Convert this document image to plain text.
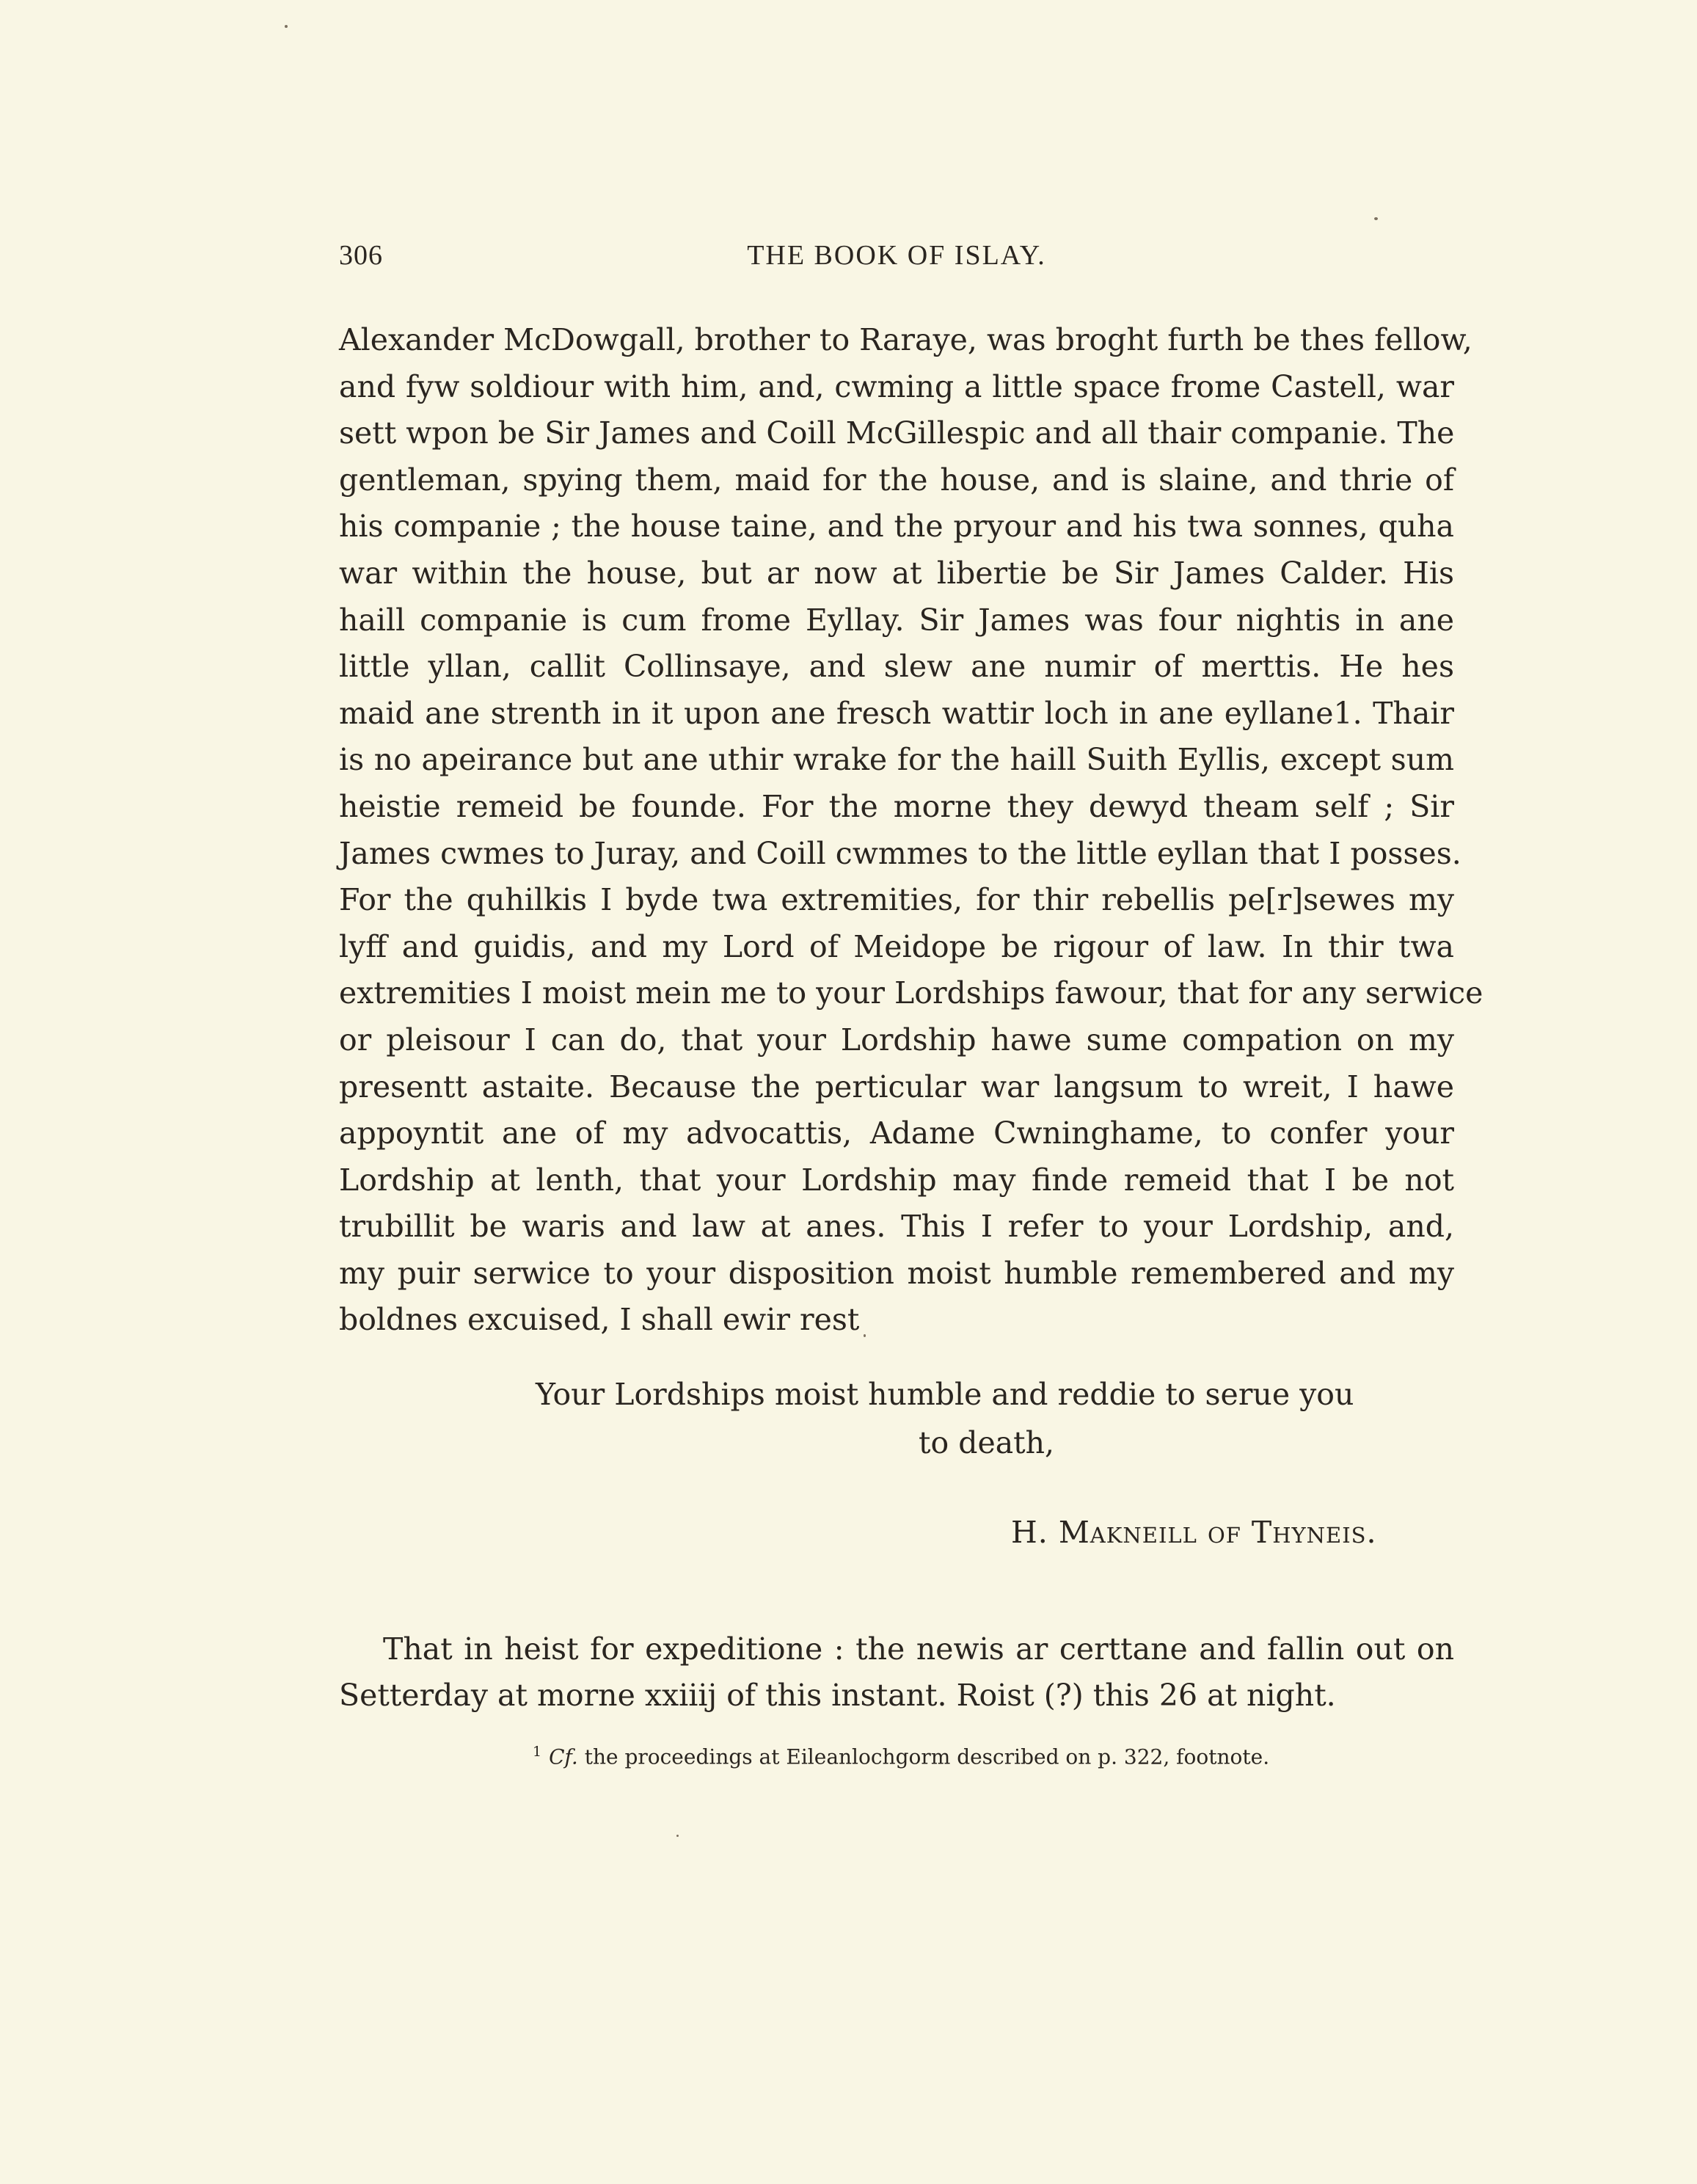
306	THE BOOK OF ISLAY.
Alexander McDowgall, brother to Raraye, was broght furth be thes fellow,
and fyw soldiour with him, and, cwming a little space frome Castell, war
sett wpon be Sir James and Coill McGillespic and all thair companie. The
gentleman, spying them, maid for the house, and is slaine, and thrie of
his companie ; the house taine, and the pryour and his twa sonnes, quha
war within the house, but ar now at libertie be Sir James Calder. His
haill companie is cum frome Eyllay. Sir James was four nightis in ane
little yllan, callit Collinsaye, and slew ane numir of merttis. He hes
maid ane strenth in it upon ane fresch wattir loch in ane eyllane1. Thair
is no apeirance but ane uthir wrake for the haill Suith Eyllis, except sum
heistie remeid be founde. For the morne they dewyd theam self ; Sir
James cwmes to Juray, and Coill cwmmes to the little eyllan that I posses.
For the quhilkis I byde twa extremities, for thir rebellis pe[r]sewes my
lyff and guidis, and my Lord of Meidope be rigour of law. In thir twa
extremities I moist mein me to your Lordships fawour, that for any serwice
or pleisour I can do, that your Lordship hawe sume compation on my
presentt astaite. Because the perticular war langsum to wreit, I hawe
appoyntit ane of my advocattis, Adame Cwninghame, to confer your
Lordship at lenth, that your Lordship may finde remeid that I be not
trubillit be waris and law at anes. This I refer to your Lordship, and,
my puir serwice to your disposition moist humble remembered and my
boldnes excuised, I shall ewir rest
Your Lordships moist humble and reddie to serue you
to death,
H. Makneill of Thyneis.
That in heist for expeditione : the newis ar certtane and fallin out on
Setterday at morne xxiiij of this instant. Roist (?) this 26 at night.
$^1$ Cf. the proceedings at Eileanlochgorm described on p. 322, footnote.
